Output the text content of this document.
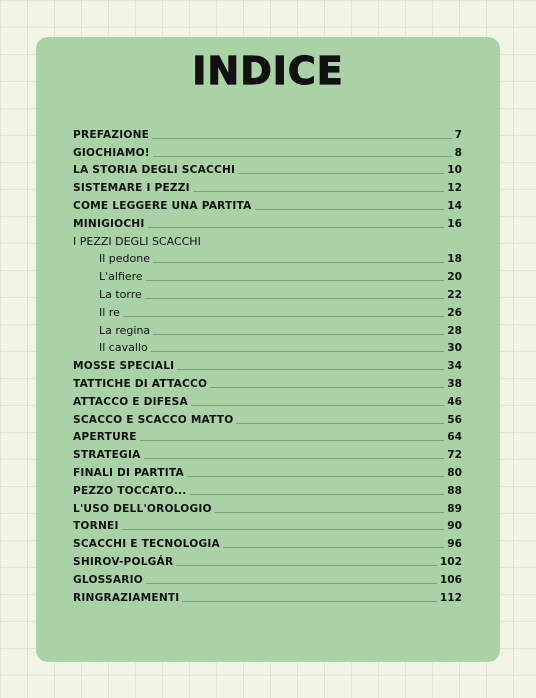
INDICE
PREFAZIONE	7
GIOCHIAMO!	8
LA STORIA DEGLI SCACCHI	10
SISTEMARE I PEZZI	12
COME LEGGERE UNA PARTITA	14
MINIGIOCHI	16
I PEZZI DEGLI SCACCHI
Il pedone	18
L'alfiere	20
La torre	22
Il re	26
La regina	28
Il cavallo	30
MOSSE SPECIALI	34
TATTICHE DI ATTACCO	38
ATTACCO E DIFESA	46
SCACCO E SCACCO MATTO	56
APERTURE	64
STRATEGIA	72
FINALI DI PARTITA	80
PEZZO TOCCATO...	88
L'USO DELL'OROLOGIO	89
TORNEI	90
SCACCHI E TECNOLOGIA	96
SHIROV-POLGÁR	102
GLOSSARIO	106
RINGRAZIAMENTI	112
